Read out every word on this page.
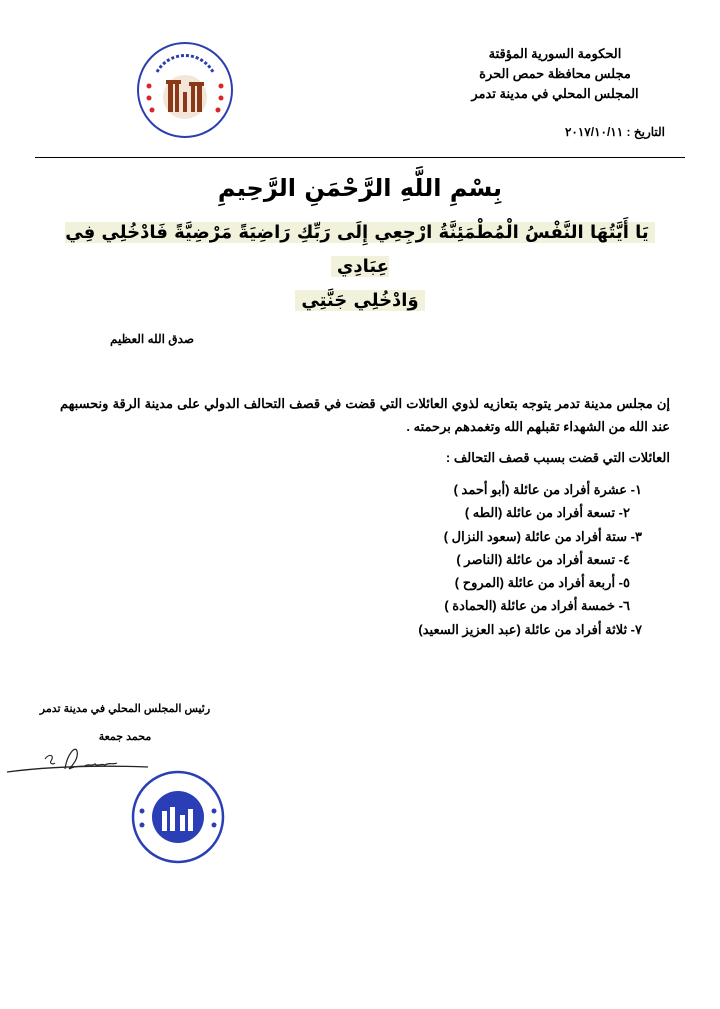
الحكومة السورية المؤقتة
مجلس محافظة حمص الحرة
المجلس المحلي في مدينة تدمر
التاريخ : ٢٠١٧/١٠/١١
بِسْمِ اللَّهِ الرَّحْمَنِ الرَّحِيمِ
يَا أَيَّتُهَا النَّفْسُ الْمُطْمَئِنَّةُ ارْجِعِي إِلَى رَبِّكِ رَاضِيَةً مَرْضِيَّةً فَادْخُلِي فِي عِبَادِي
وَادْخُلِي جَنَّتِي
صدق الله العظيم
إن مجلس مدينة تدمر يتوجه بتعازيه لذوي العائلات التي قضت في قصف التحالف الدولي على مدينة الرقة ونحسبهم عند الله من الشهداء تقبلهم الله وتغمدهم برحمته .
العائلات التي قضت بسبب قصف التحالف :
١- عشرة أفراد من عائلة (أبو أحمد )
٢- تسعة أفراد من عائلة (الطه )
٣- ستة أفراد من عائلة (سعود النزال )
٤- تسعة أفراد من عائلة (الناصر )
٥- أربعة أفراد من عائلة (المروح )
٦- خمسة أفراد من عائلة (الحمادة )
٧- ثلاثة أفراد من عائلة (عبد العزيز السعيد)
رئيس المجلس المحلي في مدينة تدمر
محمد جمعة
